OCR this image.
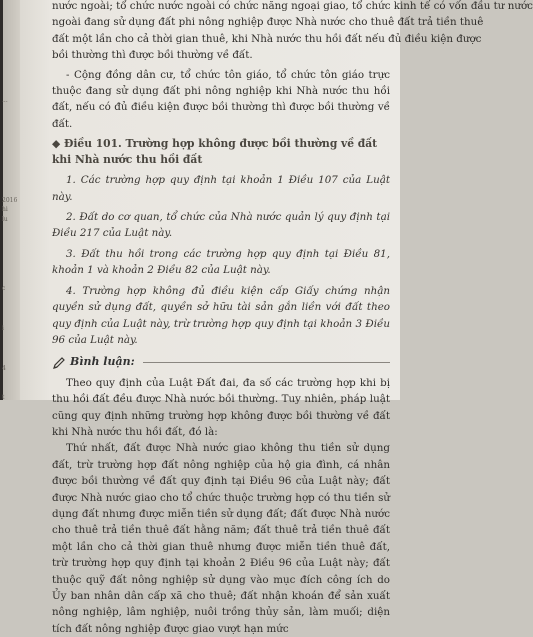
...
2016
hi
lu
c
i
4
t

nước ngoài; tổ chức nước ngoài có chức năng ngoại giao, tổ chức kinh tế có vốn đầu tư nước

ngoài đang sử dụng đất phi nông nghiệp được Nhà nước cho thuê đất trả tiền thuê

đất một lần cho cả thời gian thuê, khi Nhà nước thu hồi đất nếu đủ điều kiện được

bồi thường thì được bồi thường về đất.

- Cộng đồng dân cư, tổ chức tôn giáo, tổ chức tôn giáo trực thuộc đang sử dụng đất phi nông nghiệp khi Nhà nước thu hồi đất, nếu có đủ điều kiện được bồi thường thì được bồi thường về đất.

◆ Điều 101. Trường hợp không được bồi thường về đất khi Nhà nước thu hồi đất

1. Các trường hợp quy định tại khoản 1 Điều 107 của Luật này.

2. Đất do cơ quan, tổ chức của Nhà nước quản lý quy định tại Điều 217 của Luật này.

3. Đất thu hồi trong các trường hợp quy định tại Điều 81, khoản 1 và khoản 2 Điều 82 của Luật này.

4. Trường hợp không đủ điều kiện cấp Giấy chứng nhận quyền sử dụng đất, quyền sở hữu tài sản gắn liền với đất theo quy định của Luật này, trừ trường hợp quy định tại khoản 3 Điều 96 của Luật này.

Bình luận:

Theo quy định của Luật Đất đai, đa số các trường hợp khi bị thu hồi đất đều được Nhà nước bồi thường. Tuy nhiên, pháp luật cũng quy định những trường hợp không được bồi thường về đất khi Nhà nước thu hồi đất, đó là:

Thứ nhất, đất được Nhà nước giao không thu tiền sử dụng đất, trừ trường hợp đất nông nghiệp của hộ gia đình, cá nhân được bồi thường về đất quy định tại Điều 96 của Luật này; đất được Nhà nước giao cho tổ chức thuộc trường hợp có thu tiền sử dụng đất nhưng được miễn tiền sử dụng đất; đất được Nhà nước cho thuê trả tiền thuê đất hằng năm; đất thuê trả tiền thuê đất một lần cho cả thời gian thuê nhưng được miễn tiền thuê đất, trừ trường hợp quy định tại khoản 2 Điều 96 của Luật này; đất thuộc quỹ đất nông nghiệp sử dụng vào mục đích công ích do Ủy ban nhân dân cấp xã cho thuê; đất nhận khoán để sản xuất nông nghiệp, lâm nghiệp, nuôi trồng thủy sản, làm muối; diện tích đất nông nghiệp được giao vượt hạn mức
